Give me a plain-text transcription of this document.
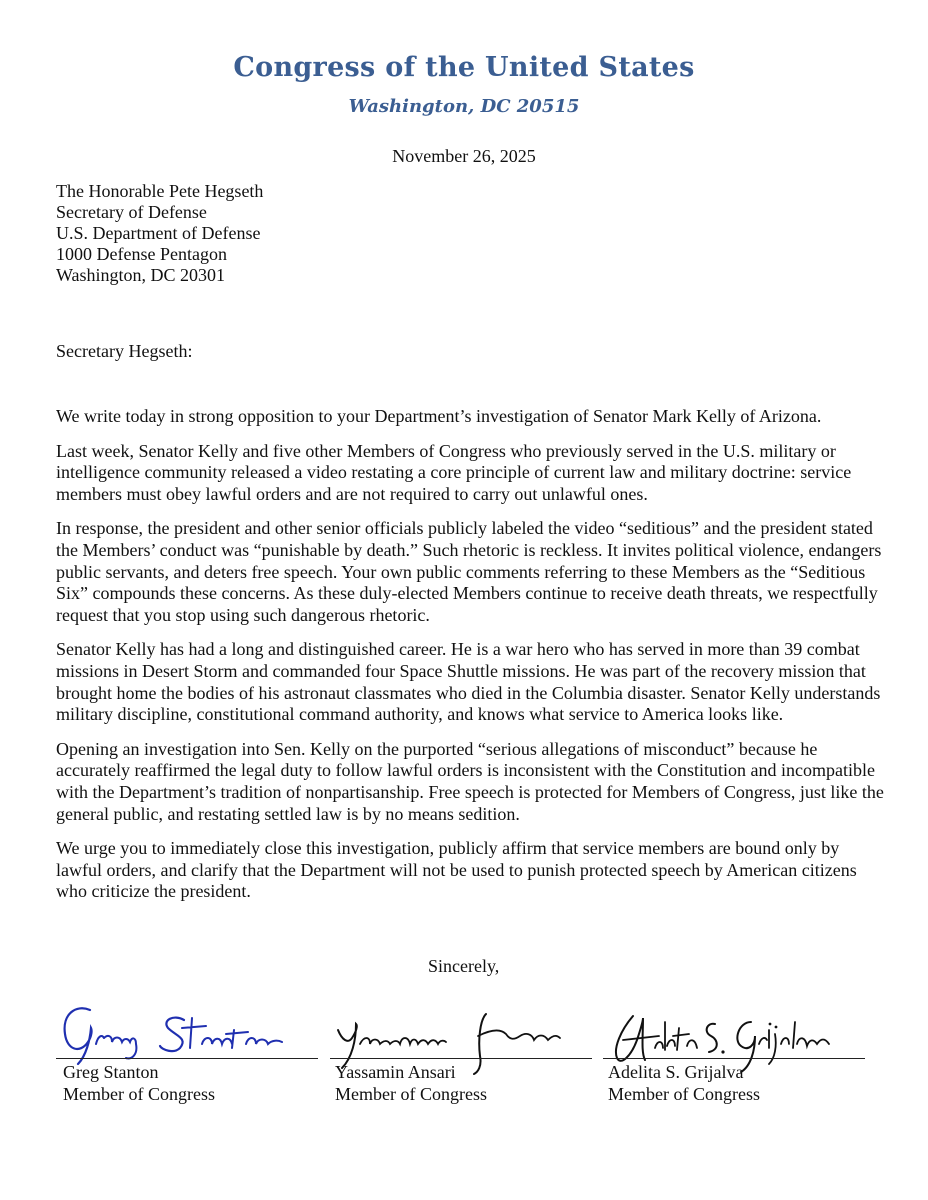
Congress of the United States
Washington, DC 20515
November 26, 2025
The Honorable Pete Hegseth
Secretary of Defense
U.S. Department of Defense
1000 Defense Pentagon
Washington, DC 20301
Secretary Hegseth:

We write today in strong opposition to your Department’s investigation of Senator Mark Kelly of Arizona.

Last week, Senator Kelly and five other Members of Congress who previously served in the U.S. military or intelligence community released a video restating a core principle of current law and military doctrine: service members must obey lawful orders and are not required to carry out unlawful ones.

In response, the president and other senior officials publicly labeled the video “seditious” and the president stated the Members’ conduct was “punishable by death.” Such rhetoric is reckless. It invites political violence, endangers public servants, and deters free speech. Your own public comments referring to these Members as the “Seditious Six” compounds these concerns. As these duly-elected Members continue to receive death threats, we respectfully request that you stop using such dangerous rhetoric.

Senator Kelly has had a long and distinguished career. He is a war hero who has served in more than 39 combat missions in Desert Storm and commanded four Space Shuttle missions. He was part of the recovery mission that brought home the bodies of his astronaut classmates who died in the Columbia disaster. Senator Kelly understands military discipline, constitutional command authority, and knows what service to America looks like.

Opening an investigation into Sen. Kelly on the purported “serious allegations of misconduct” because he accurately reaffirmed the legal duty to follow lawful orders is inconsistent with the Constitution and incompatible with the Department’s tradition of nonpartisanship. Free speech is protected for Members of Congress, just like the general public, and restating settled law is by no means sedition.

We urge you to immediately close this investigation, publicly affirm that service members are bound only by lawful orders, and clarify that the Department will not be used to punish protected speech by American citizens who criticize the president.

Sincerely,
Greg Stanton
Member of Congress
Yassamin Ansari
Member of Congress
Adelita S. Grijalva
Member of Congress
